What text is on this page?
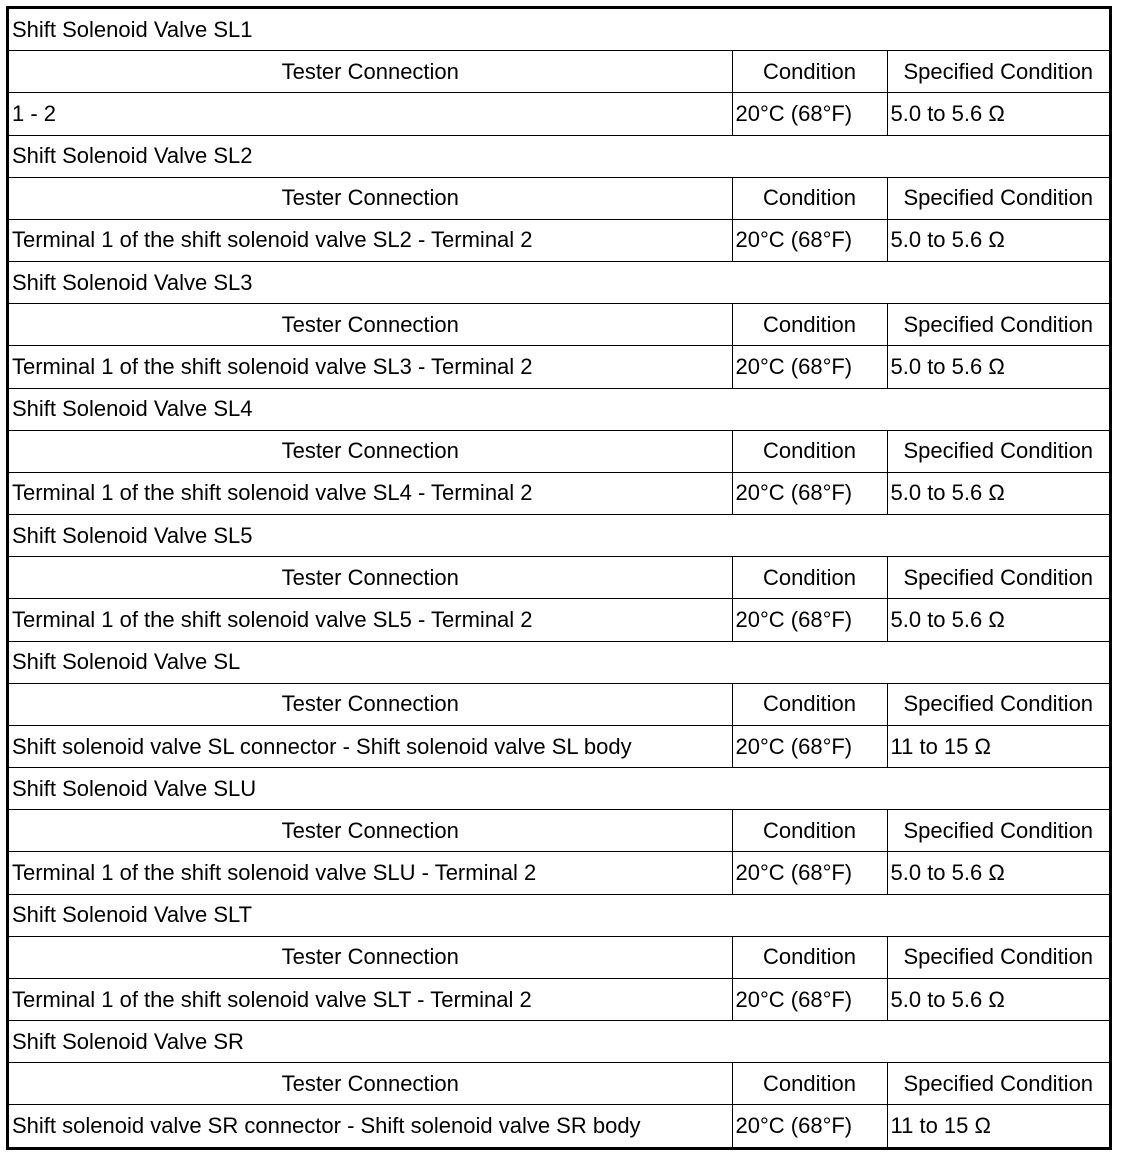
Shift Solenoid Valve SL1		
Tester Connection	Condition	Specified Condition
1 - 2	20°C (68°F)	5.0 to 5.6 Ω
Shift Solenoid Valve SL2		
Tester Connection	Condition	Specified Condition
Terminal 1 of the shift solenoid valve SL2 - Terminal 2	20°C (68°F)	5.0 to 5.6 Ω
Shift Solenoid Valve SL3		
Tester Connection	Condition	Specified Condition
Terminal 1 of the shift solenoid valve SL3 - Terminal 2	20°C (68°F)	5.0 to 5.6 Ω
Shift Solenoid Valve SL4		
Tester Connection	Condition	Specified Condition
Terminal 1 of the shift solenoid valve SL4 - Terminal 2	20°C (68°F)	5.0 to 5.6 Ω
Shift Solenoid Valve SL5		
Tester Connection	Condition	Specified Condition
Terminal 1 of the shift solenoid valve SL5 - Terminal 2	20°C (68°F)	5.0 to 5.6 Ω
Shift Solenoid Valve SL		
Tester Connection	Condition	Specified Condition
Shift solenoid valve SL connector - Shift solenoid valve SL body	20°C (68°F)	11 to 15 Ω
Shift Solenoid Valve SLU		
Tester Connection	Condition	Specified Condition
Terminal 1 of the shift solenoid valve SLU - Terminal 2	20°C (68°F)	5.0 to 5.6 Ω
Shift Solenoid Valve SLT		
Tester Connection	Condition	Specified Condition
Terminal 1 of the shift solenoid valve SLT - Terminal 2	20°C (68°F)	5.0 to 5.6 Ω
Shift Solenoid Valve SR		
Tester Connection	Condition	Specified Condition
Shift solenoid valve SR connector - Shift solenoid valve SR body	20°C (68°F)	11 to 15 Ω
